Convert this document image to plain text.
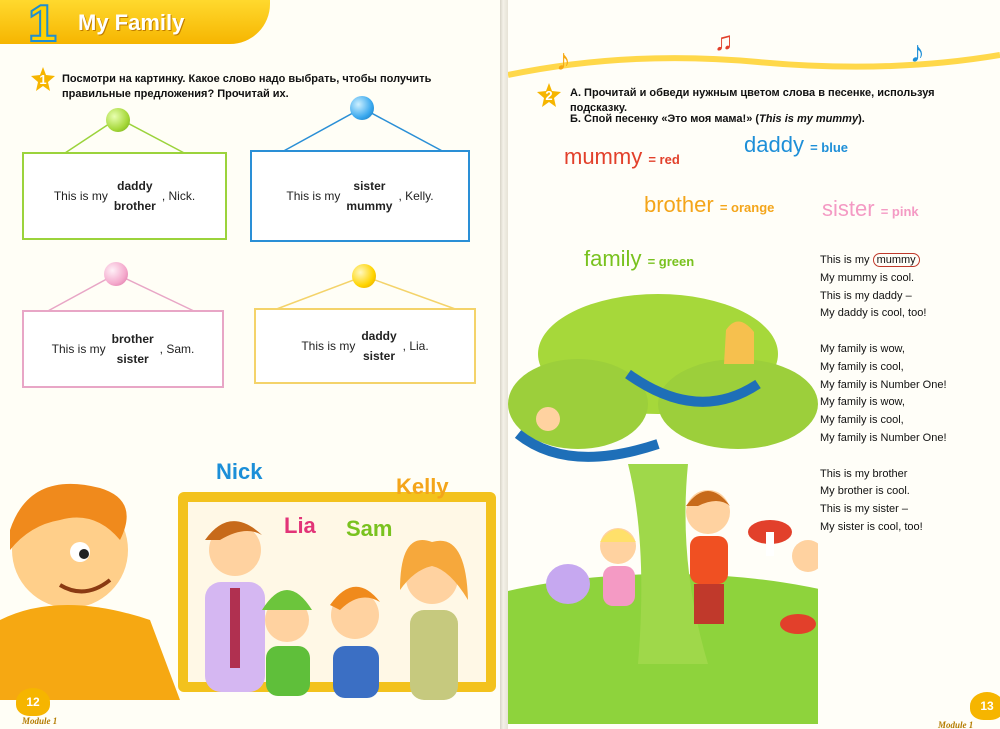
1 My Family
1 Посмотри на картинку. Какое слово надо выбрать, чтобы получить правильные предложения? Прочитай их.
This is my
daddy
brother
, Nick.	This is my
sister
mummy
, Kelly.
This is my
brother
sister
, Sam.	This is my
daddy
sister
, Lia.
Nick
Kelly
Lia Sam
12
Module 1
♪
♫	♪
2 А. Прочитай и обведи нужным цветом слова в песенке, используя подсказку.
Б. Спой песенку «Это моя мама!» (This is my mummy).
mummy = red
daddy = blue
brother = orange sister = pink
family = green	This is my mummy
My mummy is cool.
This is my daddy –
My daddy is cool, too!
My family is wow,
My family is cool,
My family is Number One!
My family is wow,
My family is cool,
My family is Number One!
This is my brother
My brother is cool.
This is my sister –
My sister is cool, too!
13
Module 1
